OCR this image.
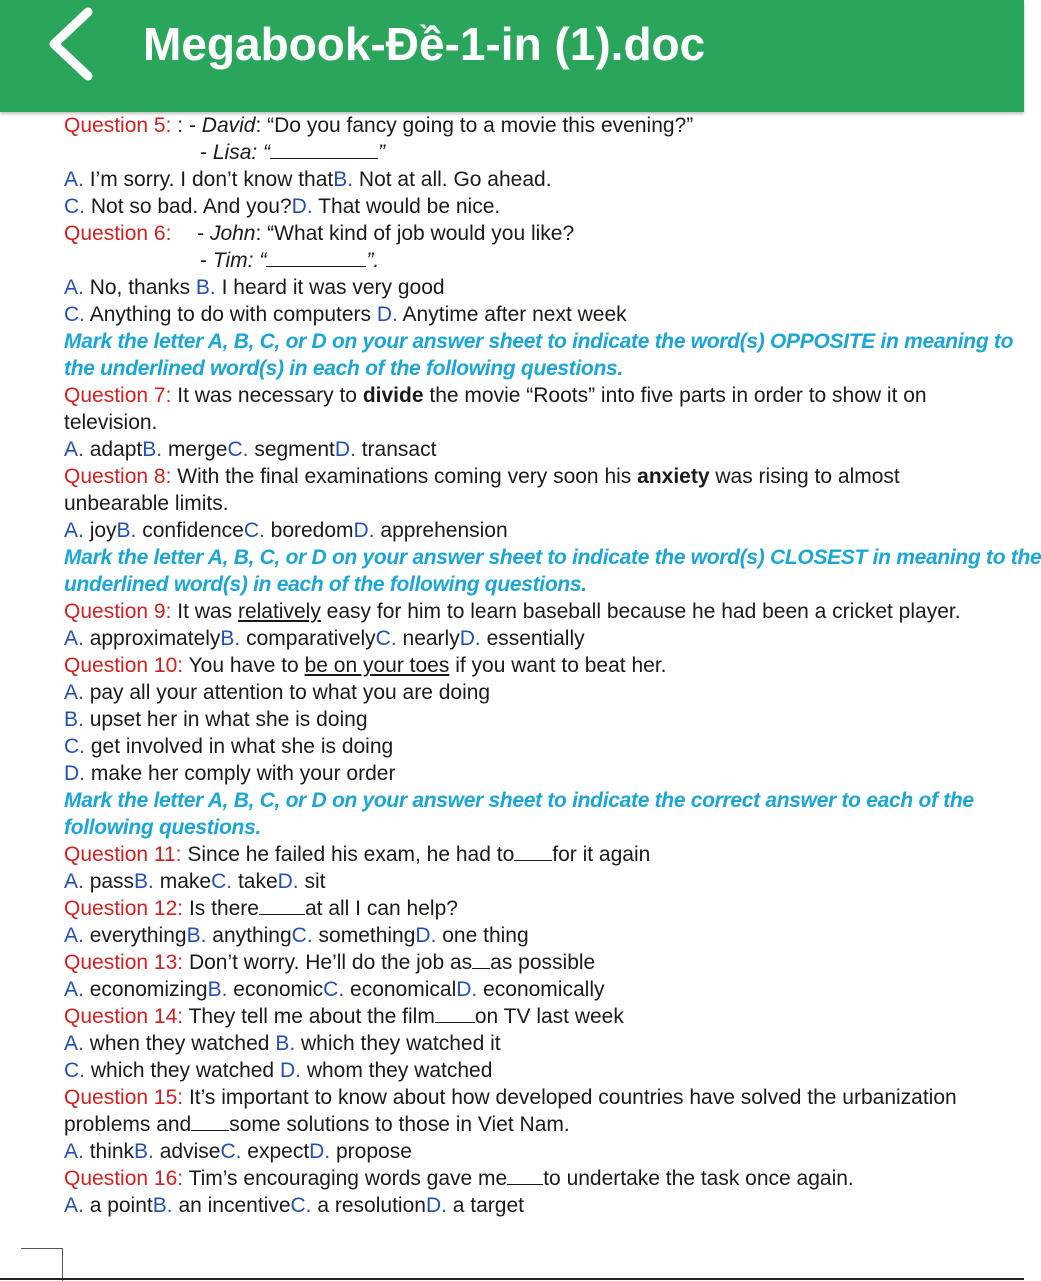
Megabook-Đề-1-in (1).doc
Question 5: : - David: “Do you fancy going to a movie this evening?”
- Lisa: “	”
A. I’m sorry. I don’t know thatB. Not at all. Go ahead.
C. Not so bad. And you?D. That would be nice.
Question 6: - John: “What kind of job would you like?
- Tim: “	”.
A. No, thanks B. I heard it was very good
C. Anything to do with computers D. Anytime after next week
Mark the letter A, B, C, or D on your answer sheet to indicate the word(s) OPPOSITE in meaning to
the underlined word(s) in each of the following questions.
Question 7: It was necessary to divide the movie “Roots” into five parts in order to show it on
television.
A. adaptB. mergeC. segmentD. transact
Question 8: With the final examinations coming very soon his anxiety was rising to almost
unbearable limits.
A. joyB. confidenceC. boredomD. apprehension
Mark the letter A, B, C, or D on your answer sheet to indicate the word(s) CLOSEST in meaning to the
underlined word(s) in each of the following questions.
Question 9: It was relatively easy for him to learn baseball because he had been a cricket player.
A. approximatelyB. comparativelyC. nearlyD. essentially
Question 10: You have to be on your toes if you want to beat her.
A. pay all your attention to what you are doing
B. upset her in what she is doing
C. get involved in what she is doing
D. make her comply with your order
Mark the letter A, B, C, or D on your answer sheet to indicate the correct answer to each of the
following questions.
Question 11: Since he failed his exam, he had to for it again
A. passB. makeC. takeD. sit
Question 12: Is there at all I can help?
A. everythingB. anythingC. somethingD. one thing
Question 13: Don’t worry. He’ll do the job as as possible
A. economizingB. economicC. economicalD. economically
Question 14: They tell me about the film on TV last week
A. when they watched B. which they watched it
C. which they watched D. whom they watched
Question 15: It’s important to know about how developed countries have solved the urbanization
problems and some solutions to those in Viet Nam.
A. thinkB. adviseC. expectD. propose
Question 16: Tim’s encouraging words gave me to undertake the task once again.
A. a pointB. an incentiveC. a resolutionD. a target
